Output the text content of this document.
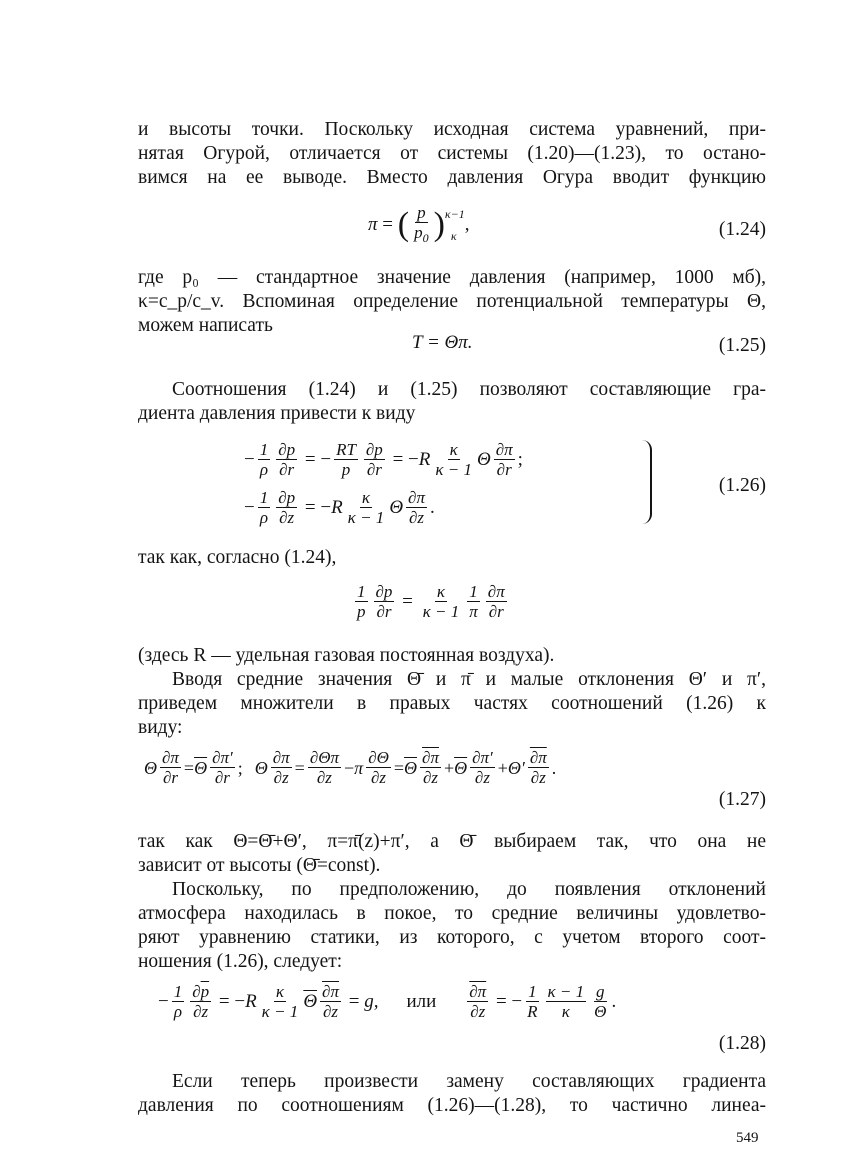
и высоты точки. Поскольку исходная система уравнений, при-
нятая Огурой, отличается от системы (1.20)—(1.23), то остано-
вимся на ее выводе. Вместо давления Огура вводит функцию
π = ( $\frac{p}{p_0}$ ) κ−1
κ
,	(1.24)
где p₀ — стандартное значение давления (например, 1000 мб),
κ=c_p/c_v. Вспоминая определение потенциальной температуры Θ,
можем написать
T = Θπ.	(1.25)
Соотношения (1.24) и (1.25) позволяют составляющие гра-
диента давления привести к виду
− $\frac{1}{\rho} \frac{\partial p}{\partial r}$ = − $\frac{RT}{p} \frac{\partial p}{\partial r}$ = − R $\frac{\kappa}{\kappa - 1}$ Θ $\frac{\partial\pi}{\partial r}$ ;
− $\frac{1}{\rho} \frac{\partial p}{\partial z}$ = − R $\frac{\kappa}{\kappa - 1}$ Θ $\frac{\partial\pi}{\partial z}$ .
(1.26)
так как, согласно (1.24),
$\frac{1}{p} \frac{\partial p}{\partial r} = \frac{\kappa}{\kappa - 1} \frac{1}{\pi} \frac{\partial\pi}{\partial r}$
(здесь R — удельная газовая постоянная воздуха).
Вводя средние значения Θ̄ и π̄ и малые отклонения Θ′ и π′,
приведем множители в правых частях соотношений (1.26) к
виду:
Θ $\frac{\partial\pi}{\partial r} = \overline{\Theta} \frac{\partial\pi'}{\partial r}$ ; Θ $\frac{\partial\pi}{\partial z} = \frac{\partial\Theta\pi}{\partial z} - \pi \frac{\partial\Theta}{\partial z} = \overline{\Theta} \frac{\partial\pi}{\partial z} + \overline{\Theta} \frac{\partial\pi'}{\partial z} + \Theta' \frac{\partial\pi}{\partial z}$ .
(1.27)
так как Θ=Θ̄+Θ′, π=π̄(z)+π′, а Θ̄ выбираем так, что она не
зависит от высоты (Θ̄=const).
Поскольку, по предположению, до появления отклонений
атмосфера находилась в покое, то средние величины удовлетво-
ряют уравнению статики, из которого, с учетом второго соот-
ношения (1.26), следует:
− $\frac{1}{\rho} \frac{\partial\overline{p}}{\partial z}$ = − R $\frac{\kappa}{\kappa - 1} \overline{\Theta} \frac{\partial\pi}{\partial z} = g$, или $\frac{\partial\pi}{\partial z}$ = − $\frac{1}{R} \frac{\kappa - 1}{\kappa} \frac{g}{\Theta}$ .
(1.28)
Если теперь произвести замену составляющих градиента
давления по соотношениям (1.26)—(1.28), то частично линеа-
549
